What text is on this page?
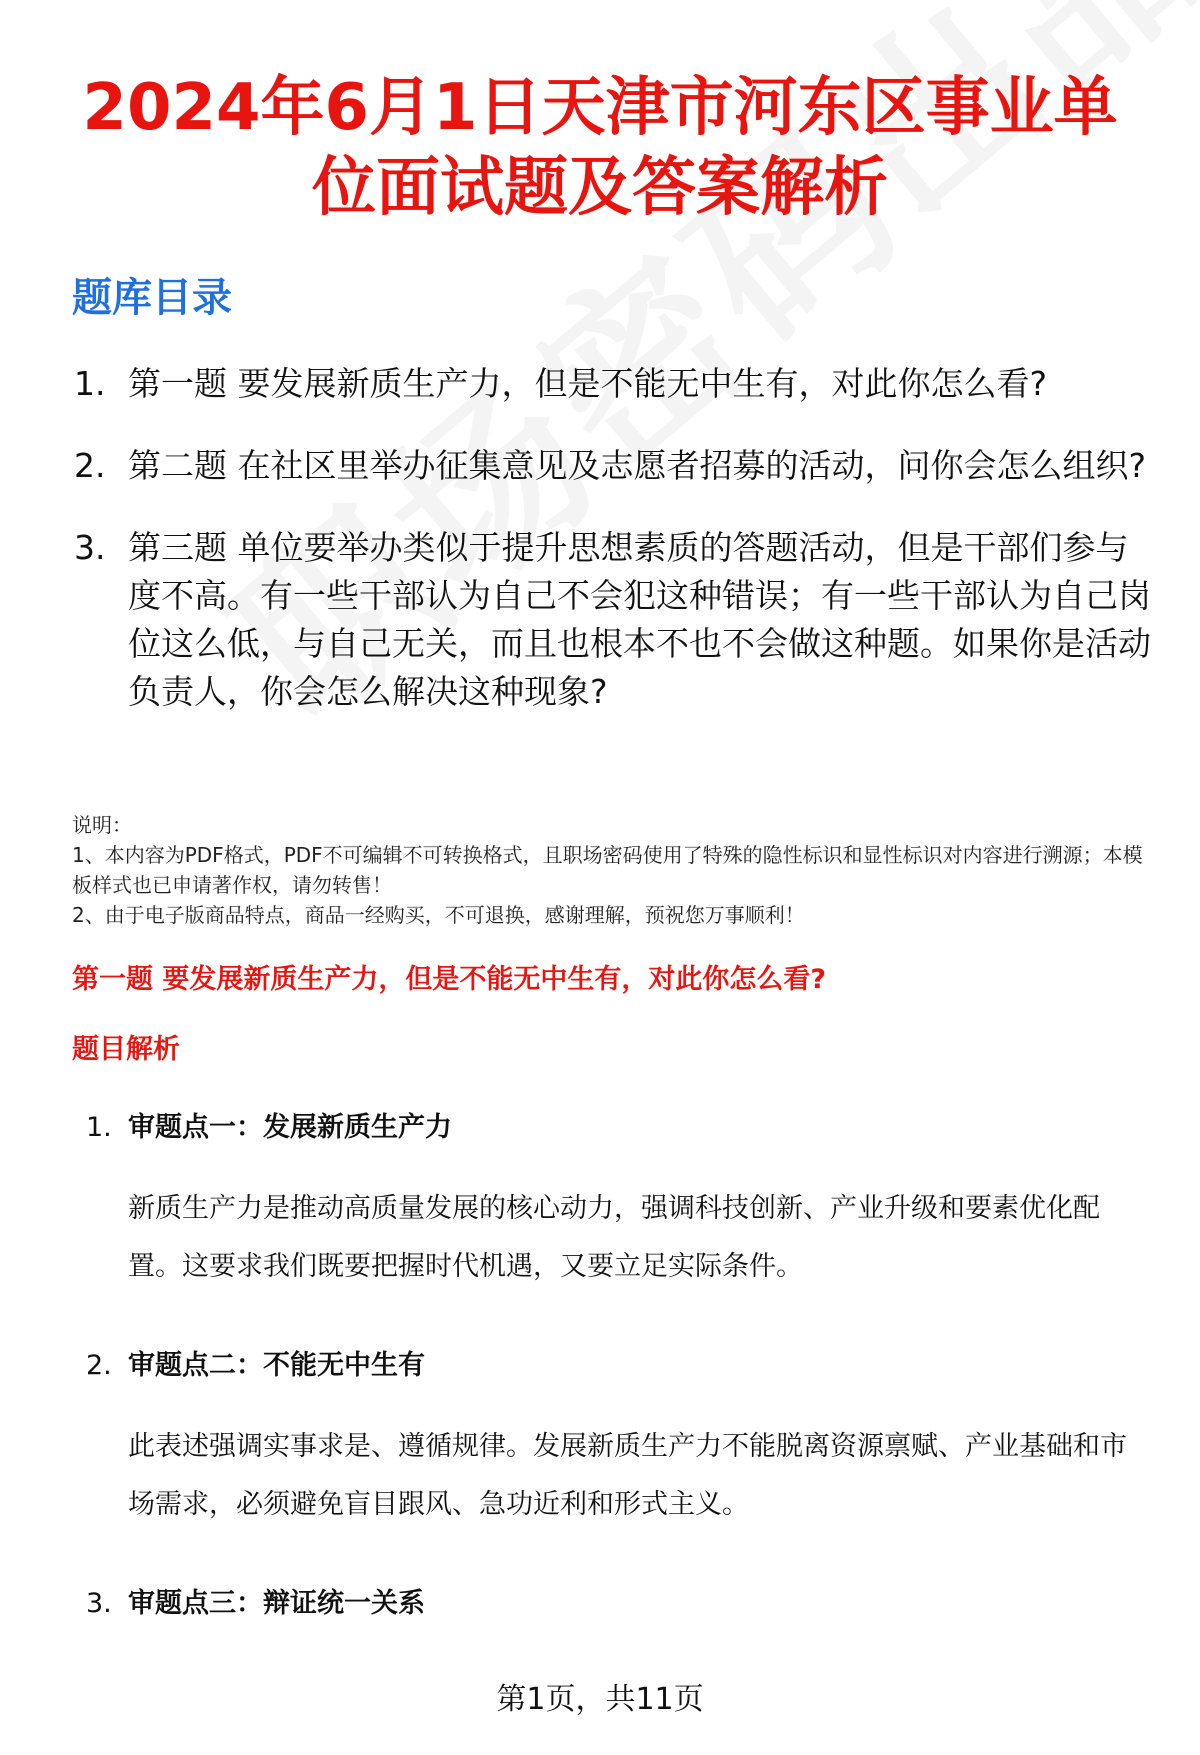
2024年6月1日天津市河东区事业单位面试题及答案解析
题库目录
1. 第一题 要发展新质生产力，但是不能无中生有，对此你怎么看?
2. 第二题 在社区里举办征集意见及志愿者招募的活动，问你会怎么组织?
3. 第三题 单位要举办类似于提升思想素质的答题活动，但是干部们参与度不高。有一些干部认为自己不会犯这种错误；有一些干部认为自己岗位这么低，与自己无关，而且也根本不也不会做这种题。如果你是活动负责人，你会怎么解决这种现象?

说明：

1、本内容为PDF格式，PDF不可编辑不可转换格式，且职场密码使用了特殊的隐性标识和显性标识对内容进行溯源；本模板样式也已申请著作权，请勿转售！

2、由于电子版商品特点，商品一经购买，不可退换，感谢理解，预祝您万事顺利！

第一题 要发展新质生产力，但是不能无中生有，对此你怎么看?
题目解析
1. 审题点一：发展新质生产力

新质生产力是推动高质量发展的核心动力，强调科技创新、产业升级和要素优化配置。这要求我们既要把握时代机遇，又要立足实际条件。

2. 审题点二：不能无中生有

此表述强调实事求是、遵循规律。发展新质生产力不能脱离资源禀赋、产业基础和市场需求，必须避免盲目跟风、急功近利和形式主义。

3. 审题点三：辩证统一关系
第1页，共11页
